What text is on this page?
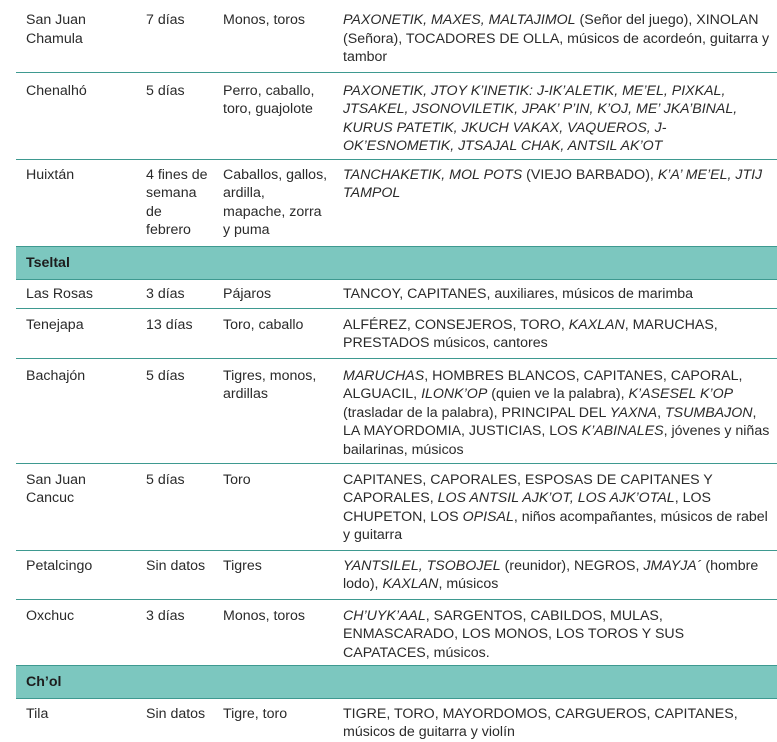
San Juan Chamula	7 días	Monos, toros	PAXONETIK, MAXES, MALTAJIMOL (Señor del juego), XINOLAN (Señora), TOCADORES DE OLLA, músicos de acordeón, guitarra y tambor
Chenalhó	5 días	Perro, caballo, toro, guajolote	PAXONETIK, JTOY K’INETIK: J-IK’ALETIK, ME’EL, PIXKAL, JTSAKEL, JSONOVILETIK, JPAK’ P’IN, K’OJ, ME’ JKA’BINAL, KURUS PATETIK, JKUCH VAKAX, VAQUEROS, J-OK’ESNOMETIK, JTSAJAL CHAK, ANTSIL AK’OT
Huixtán	4 fines de semana de febrero	Caballos, gallos, ardilla, mapache, zorra y puma	TANCHAKETIK, MOL POTS (VIEJO BARBADO), K’A’ ME’EL, JTIJ TAMPOL
Tseltal			
Las Rosas	3 días	Pájaros	TANCOY, CAPITANES, auxiliares, músicos de marimba
Tenejapa	13 días	Toro, caballo	ALFÉREZ, CONSEJEROS, TORO, KAXLAN, MARUCHAS, PRESTADOS músicos, cantores
Bachajón	5 días	Tigres, monos, ardillas	MARUCHAS, HOMBRES BLANCOS, CAPITANES, CAPORAL, ALGUACIL, ILONK’OP (quien ve la palabra), K’ASESEL K’OP (trasladar de la palabra), PRINCIPAL DEL YAXNA, TSUMBAJON, LA MAYORDOMIA, JUSTICIAS, LOS K’ABINALES, jóvenes y niñas bailarinas, músicos
San Juan Cancuc	5 días	Toro	CAPITANES, CAPORALES, ESPOSAS DE CAPITANES Y CAPORALES, LOS ANTSIL AJK’OT, LOS AJK’OTAL, LOS CHUPETON, LOS OPISAL, niños acompañantes, músicos de rabel y guitarra
Petalcingo	Sin datos	Tigres	YANTSILEL, TSOBOJEL (reunidor), NEGROS, JMAYJA´ (hombre lodo), KAXLAN, músicos
Oxchuc	3 días	Monos, toros	CH’UYK’AAL, SARGENTOS, CABILDOS, MULAS, ENMASCARADO, LOS MONOS, LOS TOROS Y SUS CAPATACES, músicos.
Ch’ol			
Tila	Sin datos	Tigre, toro	TIGRE, TORO, MAYORDOMOS, CARGUEROS, CAPITANES, músicos de guitarra y violín
